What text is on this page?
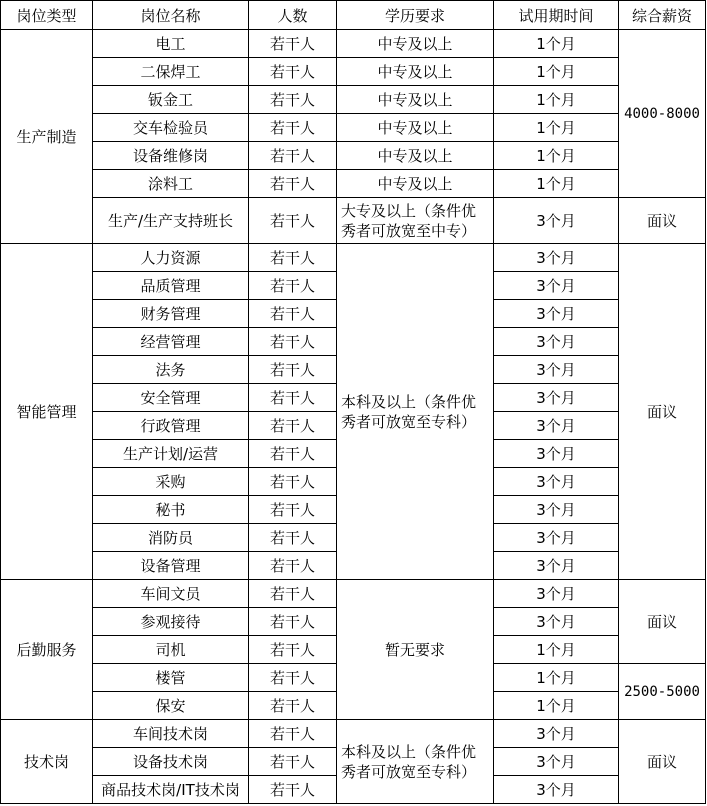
岗位类型	岗位名称	人数	学历要求	试用期时间	综合薪资
生产制造	电工	若干人	中专及以上	1个月	4000-8000
	二保焊工	若干人	中专及以上	1个月	
	钣金工	若干人	中专及以上	1个月	
	交车检验员	若干人	中专及以上	1个月	
	设备维修岗	若干人	中专及以上	1个月	
	涂料工	若干人	中专及以上	1个月	
	生产/生产支持班长	若干人	大专及以上（条件优秀者可放宽至中专）	3个月	面议
智能管理	人力资源	若干人	本科及以上（条件优秀者可放宽至专科）	3个月	面议
	品质管理	若干人		3个月	
	财务管理	若干人		3个月	
	经营管理	若干人		3个月	
	法务	若干人		3个月	
	安全管理	若干人		3个月	
	行政管理	若干人		3个月	
	生产计划/运营	若干人		3个月	
	采购	若干人		3个月	
	秘书	若干人		3个月	
	消防员	若干人		3个月	
	设备管理	若干人		3个月	
后勤服务	车间文员	若干人	暂无要求	3个月	面议
	参观接待	若干人		3个月	
	司机	若干人		1个月	
	楼管	若干人		1个月	2500-5000
	保安	若干人		1个月	
技术岗	车间技术岗	若干人	本科及以上（条件优秀者可放宽至专科）	3个月	面议
	设备技术岗	若干人		3个月	
	商品技术岗/IT技术岗	若干人		3个月	
